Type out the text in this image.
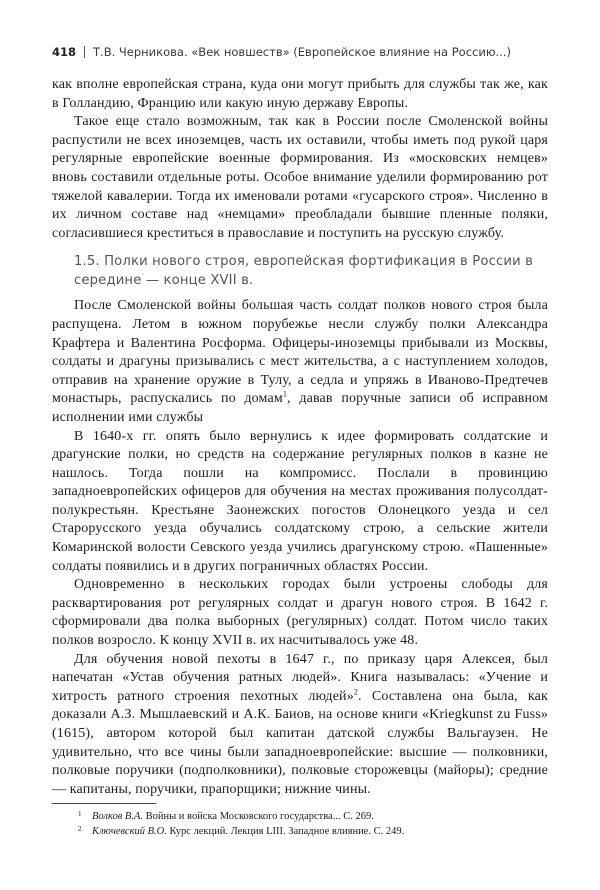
418 Т.В. Черникова. «Век новшеств» (Европейское влияние на Россию...)

как вполне европейская страна, куда они могут прибыть для службы так же, как в Голландию, Францию или какую иную державу Европы.

Такое еще стало возможным, так как в России после Смоленской войны распустили не всех иноземцев, часть их оставили, чтобы иметь под рукой царя регулярные европейские военные формирования. Из «московских немцев» вновь составили отдельные роты. Особое внимание уделили формированию рот тяжелой кавалерии. Тогда их именовали ротами «гусарского строя». Численно в их личном составе над «немцами» преобладали бывшие пленные поляки, согласившиеся креститься в православие и поступить на русскую службу.

1.5. Полки нового строя, европейская фортификация в России в середине — конце XVII в.

После Смоленской войны большая часть солдат полков нового строя была распущена. Летом в южном порубежье несли службу полки Александра Крафтера и Валентина Росформа. Офицеры-иноземцы прибывали из Москвы, солдаты и драгуны призывались с мест жительства, а с наступлением холодов, отправив на хранение оружие в Тулу, а седла и упряжь в Иваново-Предтечев монастырь, распускались по домам$^1$, давав поручные записи об исправном исполнении ими службы

В 1640-х гг. опять было вернулись к идее формировать солдатские и драгунские полки, но средств на содержание регулярных полков в казне не нашлось. Тогда пошли на компромисс. Послали в провинцию западноевропейских офицеров для обучения на местах проживания полусолдат-полукрестьян. Крестьяне Заонежских погостов Олонецкого уезда и сел Старорусского уезда обучались солдатскому строю, а сельские жители Комаринской волости Севского уезда учились драгунскому строю. «Пашенные» солдаты появились и в других пограничных областях России.

Одновременно в нескольких городах были устроены слободы для расквартирования рот регулярных солдат и драгун нового строя. В 1642 г. сформировали два полка выборных (регулярных) солдат. Потом число таких полков возросло. К концу XVII в. их насчитывалось уже 48.

Для обучения новой пехоты в 1647 г., по приказу царя Алексея, был напечатан «Устав обучения ратных людей». Книга называлась: «Учение и хитрость ратного строения пехотных людей»$^2$. Составлена она была, как доказали А.З. Мышлаевский и А.К. Баиов, на основе книги «Kriegkunst zu Fuss» (1615), автором которой был капитан датской службы Вальгаузен. Не удивительно, что все чины были западноевропейские: высшие — полковники, полковые поручики (подполковники), полковые сторожевцы (майоры); средние — капитаны, поручики, прапорщики; нижние чины.

1	Волков В.А. Войны и войска Московского государства... С. 269.
2	Ключевский В.О. Курс лекций. Лекция LIII. Западное влияние. С. 249.
